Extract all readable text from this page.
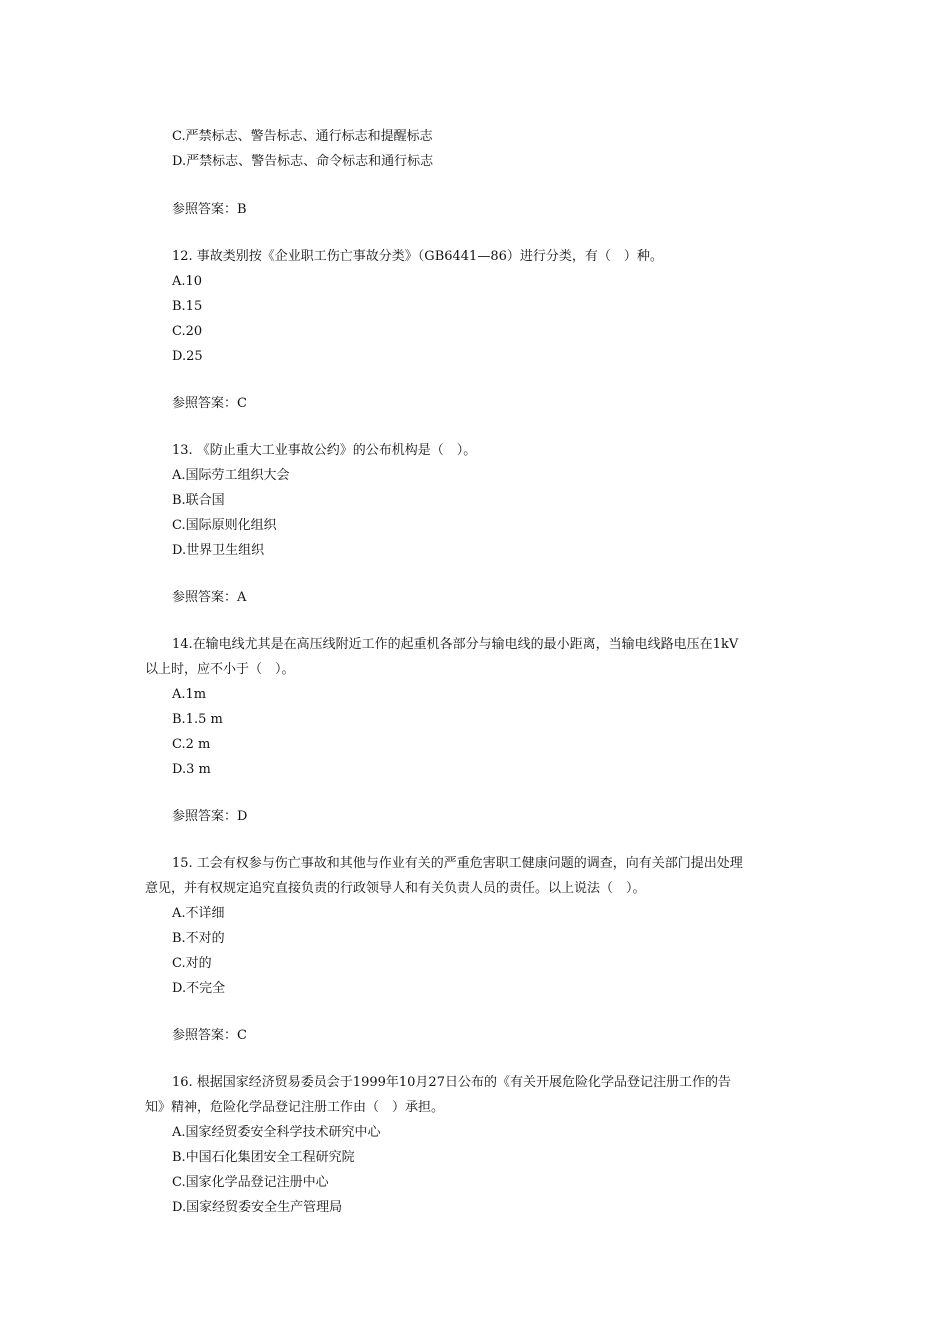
C.严禁标志、警告标志、通行标志和提醒标志
D.严禁标志、警告标志、命令标志和通行标志
参照答案：B
12. 事故类别按《企业职工伤亡事故分类》（GB6441—86）进行分类，有（　）种。
A.10
B.15
C.20
D.25
参照答案：C
13. 《防止重大工业事故公约》的公布机构是（　）。
A.国际劳工组织大会
B.联合国
C.国际原则化组织
D.世界卫生组织
参照答案：A
14.在输电线尤其是在高压线附近工作的起重机各部分与输电线的最小距离，当输电线路电压在1kV
以上时，应不小于（　）。
A.1m
B.1.5 m
C.2 m
D.3 m
参照答案：D
15. 工会有权参与伤亡事故和其他与作业有关的严重危害职工健康问题的调查，向有关部门提出处理
意见，并有权规定追究直接负责的行政领导人和有关负责人员的责任。以上说法（　）。
A.不详细
B.不对的
C.对的
D.不完全
参照答案：C
16. 根据国家经济贸易委员会于1999年10月27日公布的《有关开展危险化学品登记注册工作的告
知》精神，危险化学品登记注册工作由（　）承担。
A.国家经贸委安全科学技术研究中心
B.中国石化集团安全工程研究院
C.国家化学品登记注册中心
D.国家经贸委安全生产管理局
